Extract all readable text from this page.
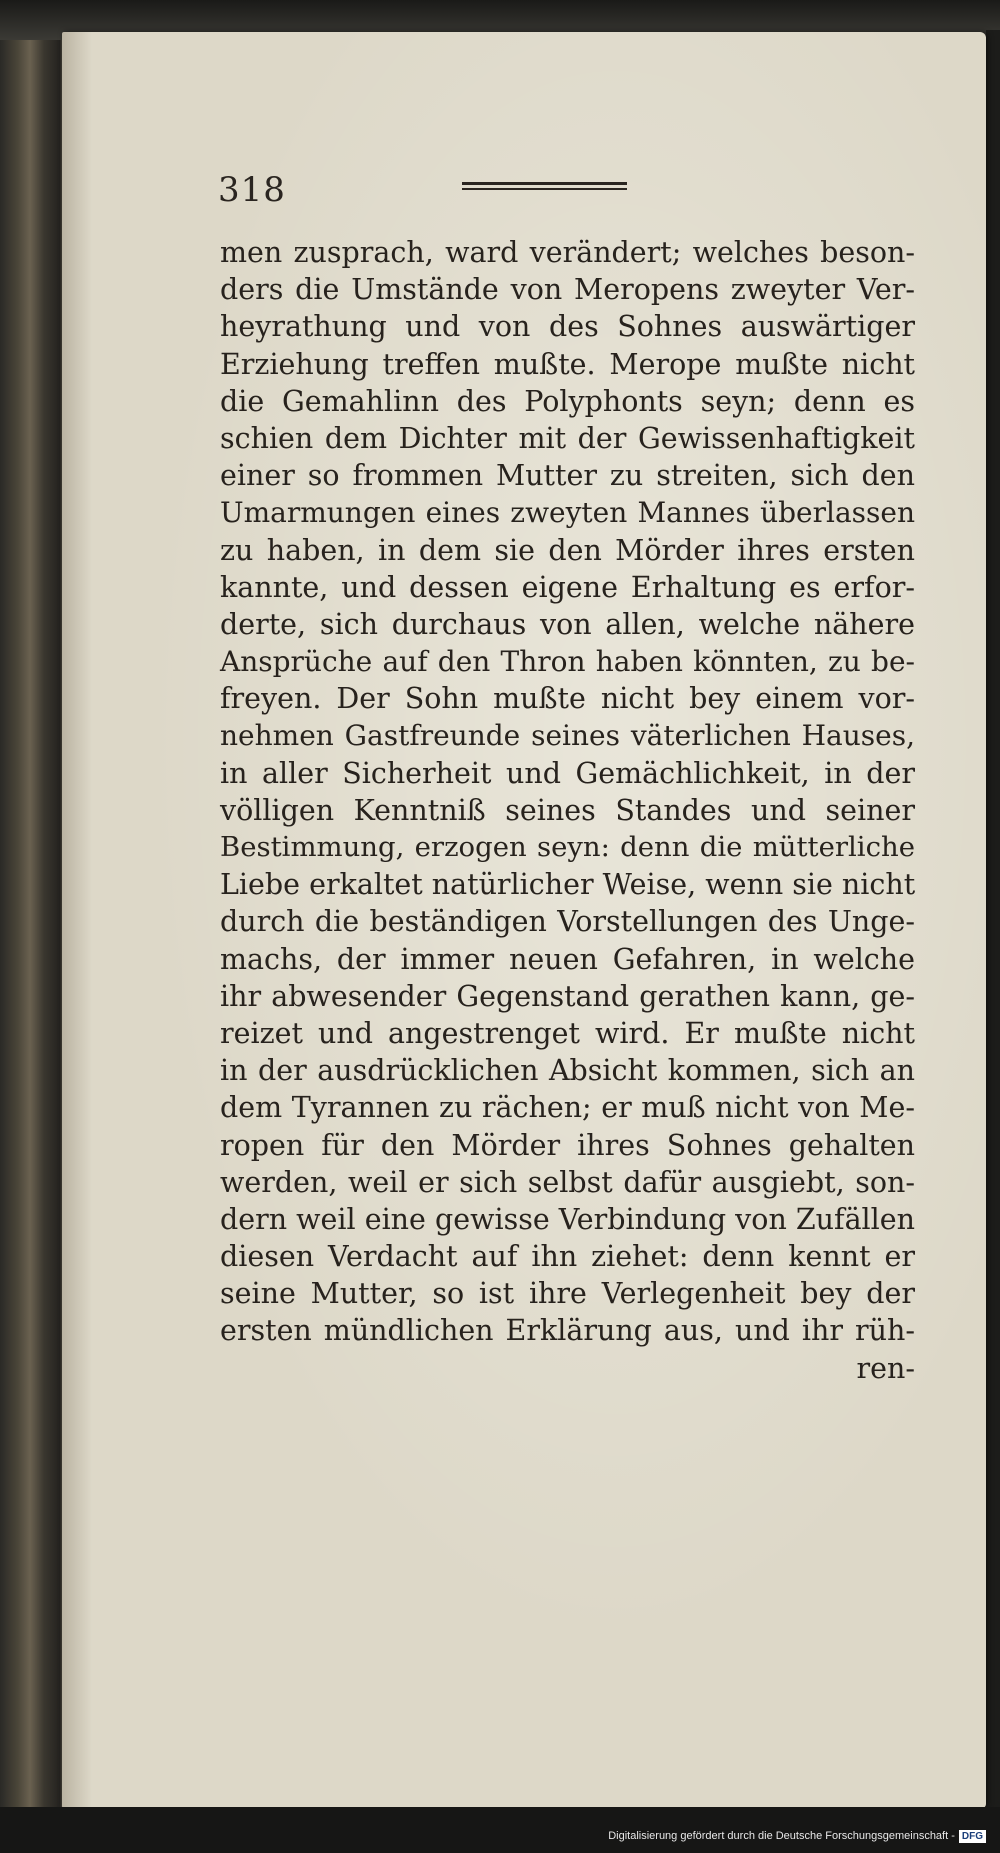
318
men zusprach, ward verändert; welches beson-
ders die Umstände von Meropens zweyter Ver-
heyrathung und von des Sohnes auswärtiger
Erziehung treffen mußte. Merope mußte nicht
die Gemahlinn des Polyphonts seyn; denn es
schien dem Dichter mit der Gewissenhaftigkeit
einer so frommen Mutter zu streiten, sich den
Umarmungen eines zweyten Mannes überlassen
zu haben, in dem sie den Mörder ihres ersten
kannte, und dessen eigene Erhaltung es erfor-
derte, sich durchaus von allen, welche nähere
Ansprüche auf den Thron haben könnten, zu be-
freyen. Der Sohn mußte nicht bey einem vor-
nehmen Gastfreunde seines väterlichen Hauses,
in aller Sicherheit und Gemächlichkeit, in der
völligen Kenntniß seines Standes und seiner
Bestimmung, erzogen seyn: denn die mütterliche
Liebe erkaltet natürlicher Weise, wenn sie nicht
durch die beständigen Vorstellungen des Unge-
machs, der immer neuen Gefahren, in welche
ihr abwesender Gegenstand gerathen kann, ge-
reizet und angestrenget wird. Er mußte nicht
in der ausdrücklichen Absicht kommen, sich an
dem Tyrannen zu rächen; er muß nicht von Me-
ropen für den Mörder ihres Sohnes gehalten
werden, weil er sich selbst dafür ausgiebt, son-
dern weil eine gewisse Verbindung von Zufällen
diesen Verdacht auf ihn ziehet: denn kennt er
seine Mutter, so ist ihre Verlegenheit bey der
ersten mündlichen Erklärung aus, und ihr rüh-
ren-
Digitalisierung gefördert durch die Deutsche Forschungsgemeinschaft - DFG
